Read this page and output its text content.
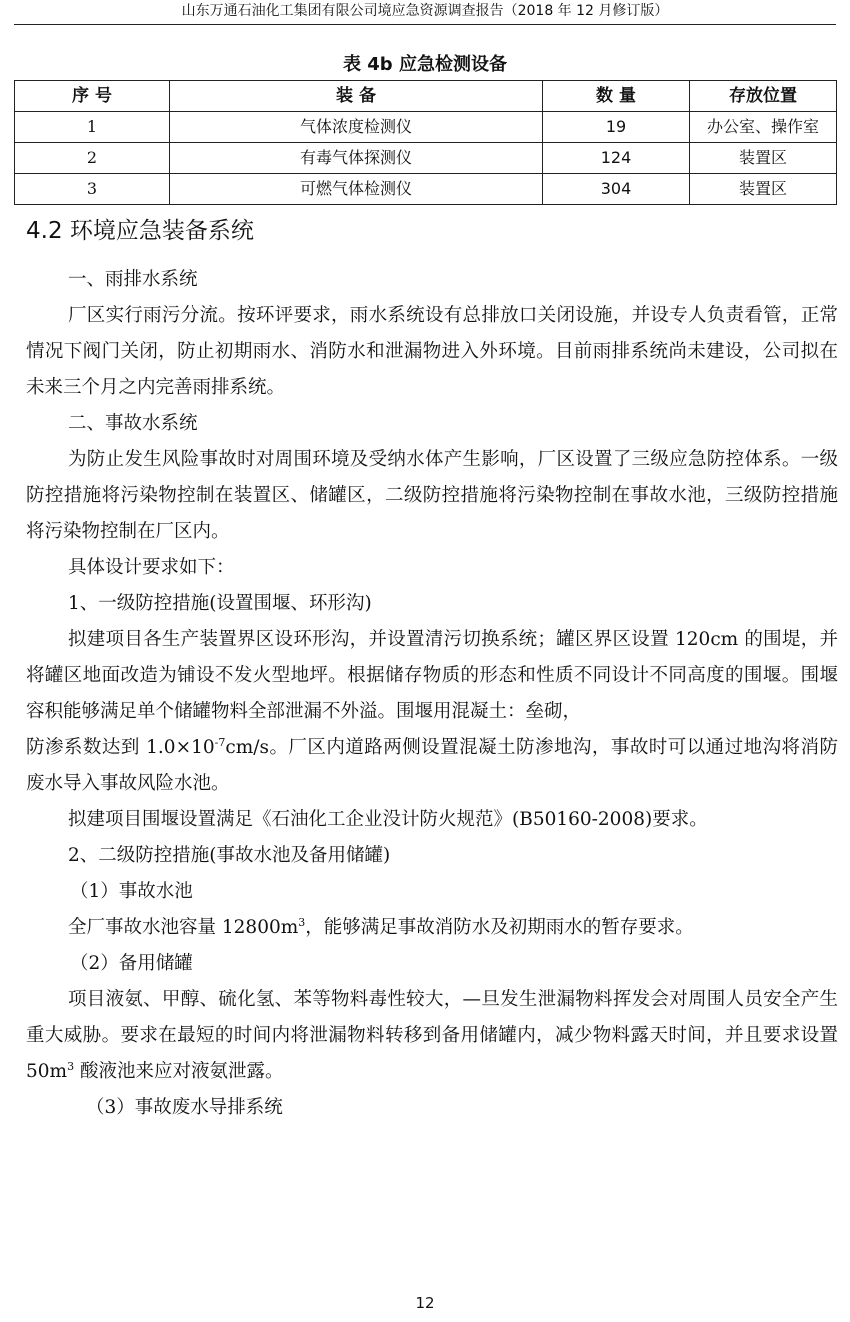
山东万通石油化工集团有限公司境应急资源调查报告（2018 年 12 月修订版）
表 4b 应急检测设备
序 号	装 备	数 量	存放位置
1	气体浓度检测仪	19	办公室、操作室
2	有毒气体探测仪	124	装置区
3	可燃气体检测仪	304	装置区
4.2 环境应急装备系统

一、雨排水系统

厂区实行雨污分流。按环评要求，雨水系统设有总排放口关闭设施，并设专人负责看管，正常情况下阀门关闭，防止初期雨水、消防水和泄漏物进入外环境。目前雨排系统尚未建设，公司拟在未来三个月之内完善雨排系统。

二、事故水系统

为防止发生风险事故时对周围环境及受纳水体产生影响，厂区设置了三级应急防控体系。一级防控措施将污染物控制在装置区、储罐区，二级防控措施将污染物控制在事故水池，三级防控措施将污染物控制在厂区内。

具体设计要求如下：

1、一级防控措施(设置围堰、环形沟)

拟建项目各生产装置界区设环形沟，并设置清污切换系统；罐区界区设置 120cm 的围堤，并将罐区地面改造为铺设不发火型地坪。根据储存物质的形态和性质不同设计不同高度的围堰。围堰容积能够满足单个储罐物料全部泄漏不外溢。围堰用混凝土：垒砌，

防渗系数达到 $1.0\times 10^{-7}cm/s$。厂区内道路两侧设置混凝土防渗地沟，事故时可以通过地沟将消防废水导入事故风险水池。

拟建项目围堰设置满足《石油化工企业没计防火规范》(B50160-2008)要求。

2、二级防控措施(事故水池及备用储罐)

（1）事故水池

全厂事故水池容量 $12800m^3$，能够满足事故消防水及初期雨水的暂存要求。

（2）备用储罐

项目液氨、甲醇、硫化氢、苯等物料毒性较大，—旦发生泄漏物料挥发会对周围人员安全产生重大威胁。要求在最短的时间内将泄漏物料转移到备用储罐内，减少物料露天时间，并且要求设置 $50m^3$ 酸液池来应对液氨泄露。

（3）事故废水导排系统

12
